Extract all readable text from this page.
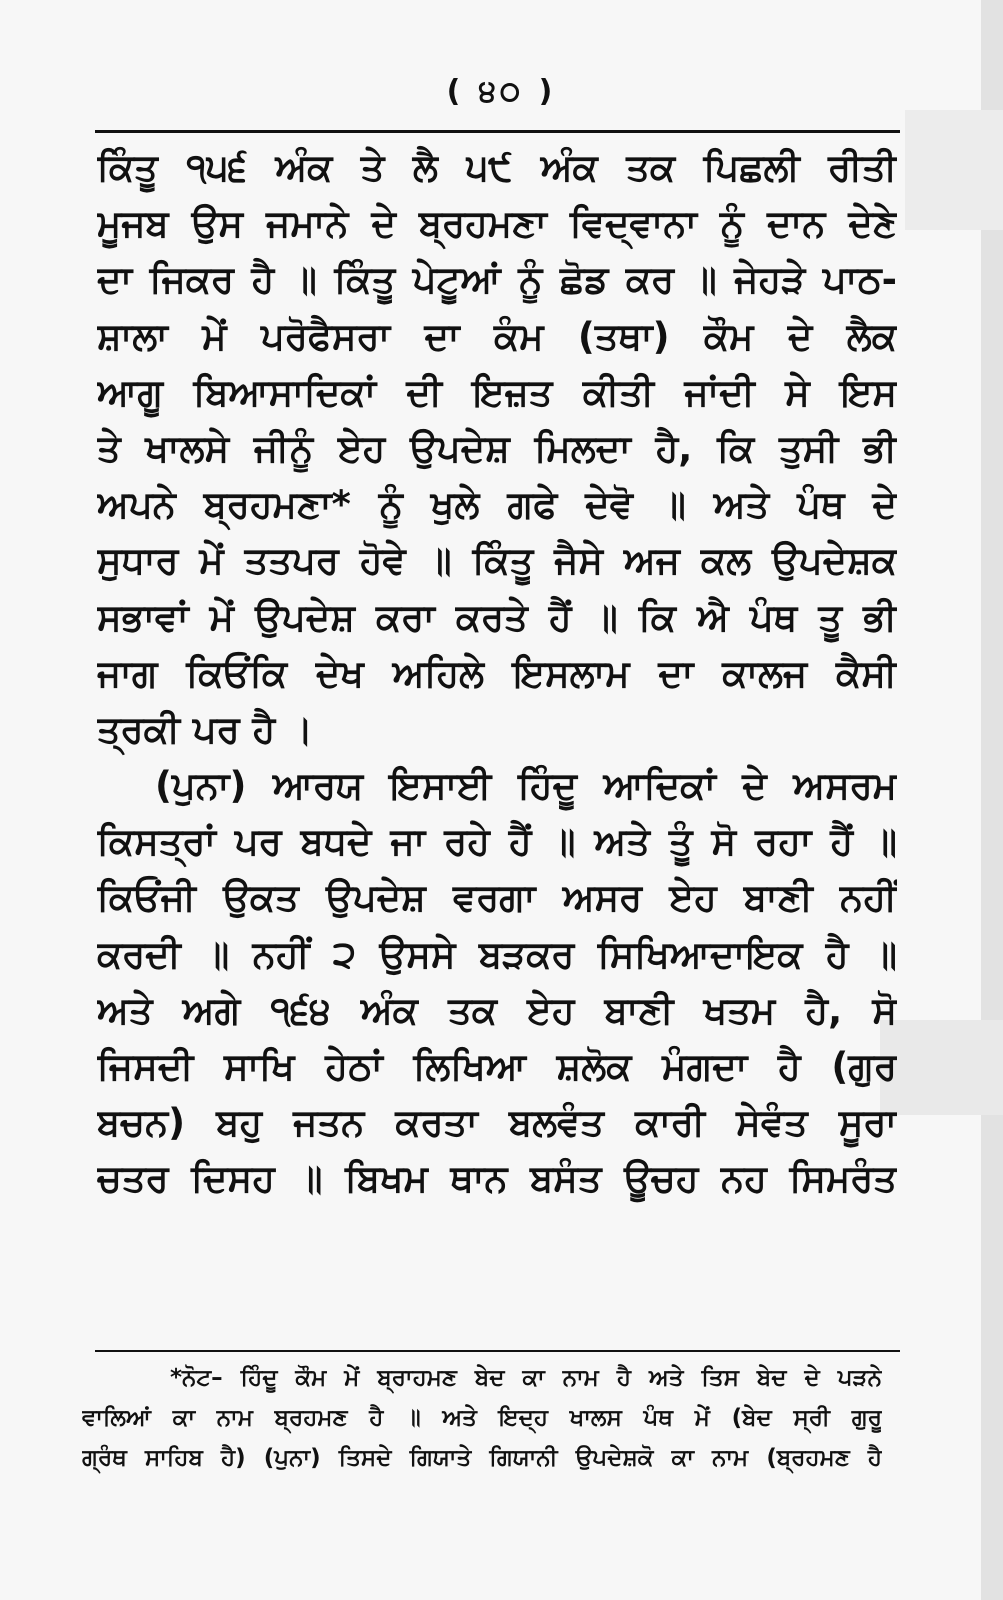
( ੪੦ )
ਕਿੰਤੂ ੧੫੬ ਅੰਕ ਤੇ ਲੈ ੫੯ ਅੰਕ ਤਕ ਪਿਛਲੀ ਰੀਤੀ
ਮੂਜਬ ਉਸ ਜਮਾਨੇ ਦੇ ਬ੍ਰਹਮਣਾ ਵਿਦ੍ਵਾਨਾ ਨੂੰ ਦਾਨ ਦੇਣੇ
ਦਾ ਜਿਕਰ ਹੈ ॥ ਕਿੰਤੂ ਪੇਟੂਆਂ ਨੂੰ ਛੋਡ ਕਰ ॥ ਜੇਹੜੇ ਪਾਠ-
ਸ਼ਾਲਾ ਮੇਂ ਪਰੋਫੈਸਰਾ ਦਾ ਕੰਮ (ਤਥਾ) ਕੌਮ ਦੇ ਲੈਕ
ਆਗੂ ਬਿਆਸਾਦਿਕਾਂ ਦੀ ਇਜ਼ਤ ਕੀਤੀ ਜਾਂਦੀ ਸੇ ਇਸ
ਤੇ ਖਾਲਸੇ ਜੀਨੂੰ ਏਹ ਉਪਦੇਸ਼ ਮਿਲਦਾ ਹੈ, ਕਿ ਤੁਸੀ ਭੀ
ਅਪਨੇ ਬ੍ਰਹਮਣਾ* ਨੂੰ ਖੁਲੇ ਗਫੇ ਦੇਵੋ ॥ ਅਤੇ ਪੰਥ ਦੇ
ਸੁਧਾਰ ਮੇਂ ਤਤਪਰ ਹੋਵੇ ॥ ਕਿੰਤੂ ਜੈਸੇ ਅਜ ਕਲ ਉਪਦੇਸ਼ਕ
ਸਭਾਵਾਂ ਮੇਂ ਉਪਦੇਸ਼ ਕਰਾ ਕਰਤੇ ਹੈਂ ॥ ਕਿ ਐ ਪੰਥ ਤੂ ਭੀ
ਜਾਗ ਕਿਓਂਕਿ ਦੇਖ ਅਹਿਲੇ ਇਸਲਾਮ ਦਾ ਕਾਲਜ ਕੈਸੀ
ਤ੍ਰਕੀ ਪਰ ਹੈ ।
(ਪੁਨਾ) ਆਰਯ ਇਸਾਈ ਹਿੰਦੂ ਆਦਿਕਾਂ ਦੇ ਅਸਰਮ
ਕਿਸਤ੍ਰਾਂ ਪਰ ਬਧਦੇ ਜਾ ਰਹੇ ਹੈਂ ॥ ਅਤੇ ਤੂੰ ਸੋ ਰਹਾ ਹੈਂ ॥
ਕਿਓਂਜੀ ਉਕਤ ਉਪਦੇਸ਼ ਵਰਗਾ ਅਸਰ ਏਹ ਬਾਣੀ ਨਹੀਂ
ਕਰਦੀ ॥ ਨਹੀਂ ੨ ਉਸਸੇ ਬੜਕਰ ਸਿਖਿਆਦਾਇਕ ਹੈ ॥
ਅਤੇ ਅਗੇ ੧੬੪ ਅੰਕ ਤਕ ਏਹ ਬਾਣੀ ਖਤਮ ਹੈ, ਸੋ
ਜਿਸਦੀ ਸਾਖਿ ਹੇਠਾਂ ਲਿਖਿਆ ਸ਼ਲੋਕ ਮੰਗਦਾ ਹੈ (ਗੁਰ
ਬਚਨ) ਬਹੁ ਜਤਨ ਕਰਤਾ ਬਲਵੰਤ ਕਾਰੀ ਸੇਵੰਤ ਸੂਰਾ
ਚਤਰ ਦਿਸਹ ॥ ਬਿਖਮ ਥਾਨ ਬਸੰਤ ਊਚਹ ਨਹ ਸਿਮਰੰਤ
*ਨੋਟ– ਹਿੰਦੂ ਕੌਮ ਮੇਂ ਬ੍ਰਾਹਮਣ ਬੇਦ ਕਾ ਨਾਮ ਹੈ ਅਤੇ ਤਿਸ ਬੇਦ ਦੇ ਪੜਨੇ
ਵਾਲਿਆਂ ਕਾ ਨਾਮ ਬ੍ਰਹਮਣ ਹੈ ॥ ਅਤੇ ਇਦ੍ਹ ਖਾਲਸ ਪੰਥ ਮੇਂ (ਬੇਦ ਸ੍ਰੀ ਗੁਰੂ
ਗ੍ਰੰਥ ਸਾਹਿਬ ਹੈ) (ਪੁਨਾ) ਤਿਸਦੇ ਗਿਯਾਤੇ ਗਿਯਾਨੀ ਉਪਦੇਸ਼ਕੋ ਕਾ ਨਾਮ (ਬ੍ਰਹਮਣ ਹੈ
